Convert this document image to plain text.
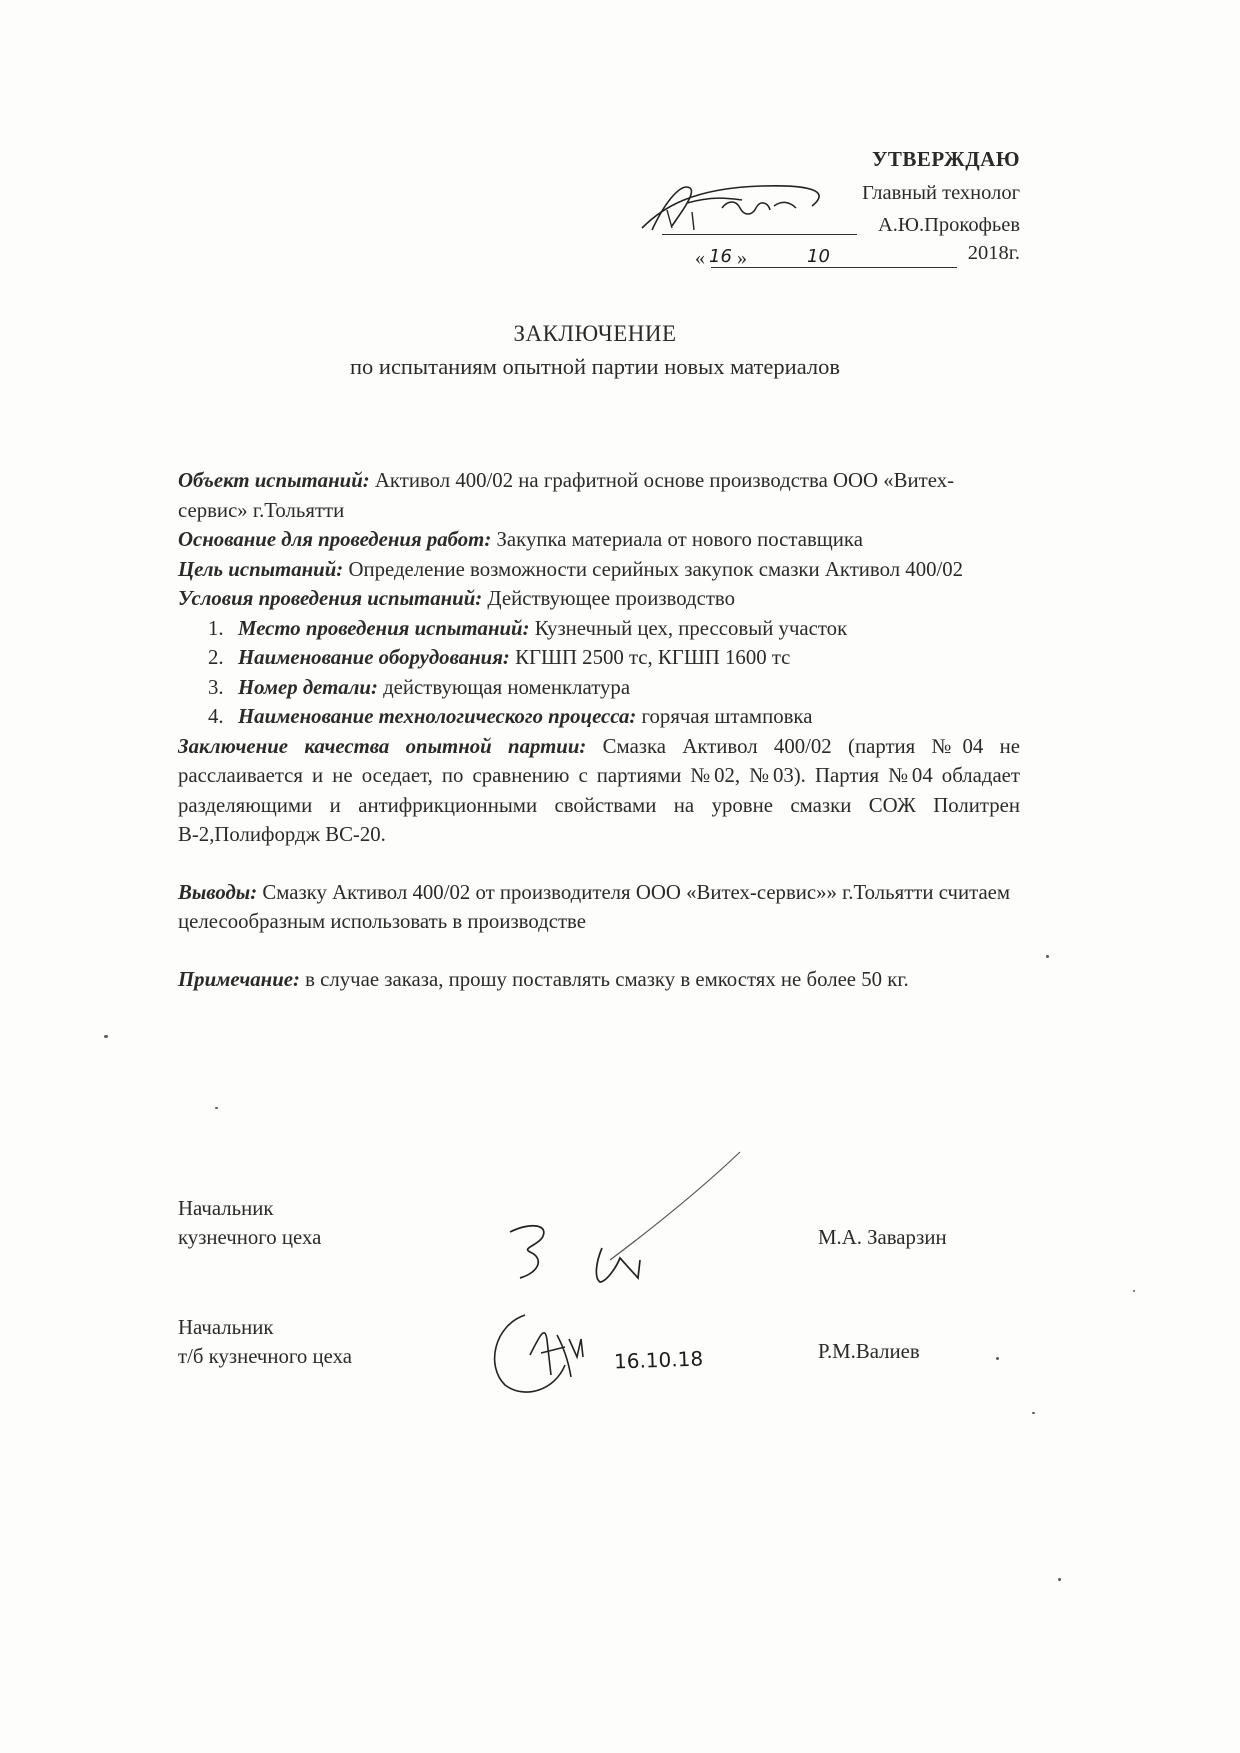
УТВЕРЖДАЮ
Главный технолог
А.Ю.Прокофьев
« 16 »	10	2018г.
ЗАКЛЮЧЕНИЕ
по испытаниям опытной партии новых материалов

Объект испытаний: Активол 400/02 на графитной основе производства ООО «Витех-сервис» г.Тольятти

Основание для проведения работ: Закупка материала от нового поставщика

Цель испытаний: Определение возможности серийных закупок смазки Активол 400/02

Условия проведения испытаний: Действующее производство

1. Место проведения испытаний: Кузнечный цех, прессовый участок
2. Наименование оборудования: КГШП 2500 тс, КГШП 1600 тс
3. Номер детали: действующая номенклатура
4. Наименование технологического процесса: горячая штамповка

Заключение качества опытной партии: Смазка Активол 400/02 (партия №04 не расслаивается и не оседает, по сравнению с партиями №02, №03). Партия №04 обладает разделяющими и антифрикционными свойствами на уровне смазки СОЖ Политрен В-2,Полифордж ВС-20.

Выводы: Смазку Активол 400/02 от производителя ООО «Витех-сервис»» г.Тольятти считаем целесообразным использовать в производстве

Примечание: в случае заказа, прошу поставлять смазку в емкостях не более 50 кг.

Начальник
кузнечного цеха	М.А. Заварзин
Начальник
т/б кузнечного цеха	Р.М.Валиев
16.10.18
